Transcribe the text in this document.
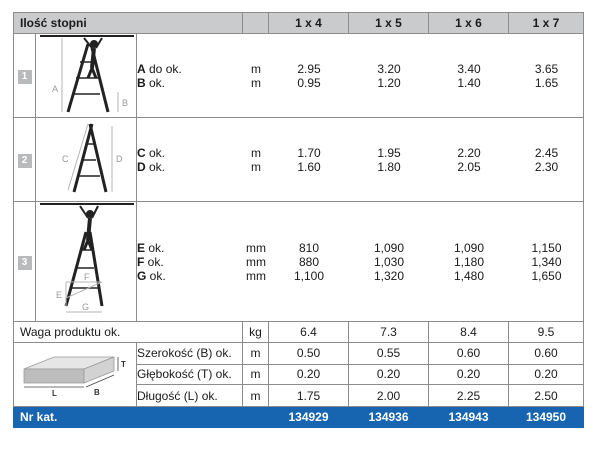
Ilość stopni		1 x 4	1 x 5	1 x 6	1 x 7
1	
A
B

A do ok.	m	2.95	3.20	3.40	3.65
B ok.	m	0.95	1.20	1.40	1.65

2	C	D
	C ok.	m	1.70	1.95	2.20	2.45
D ok.	m	1.60	1.80	2.05	2.30

3	
E
F
G

E ok.	mm	810	1,090	1,090	1,150
F ok.	mm	880	1,030	1,180	1,340
G ok.	mm	1,100	1,320	1,480	1,650

Waga produktu ok.	kg	6.4	7.3	8.4	9.5

T
L	B
	Szerokość (B) ok.	m	0.50	0.55	0.60	0.60
Głębokość (T) ok.	m	0.20	0.20	0.20	0.20
Długość (L) ok.	m	1.75	2.00	2.25	2.50
Nr kat.		134929	134936	134943	134950
